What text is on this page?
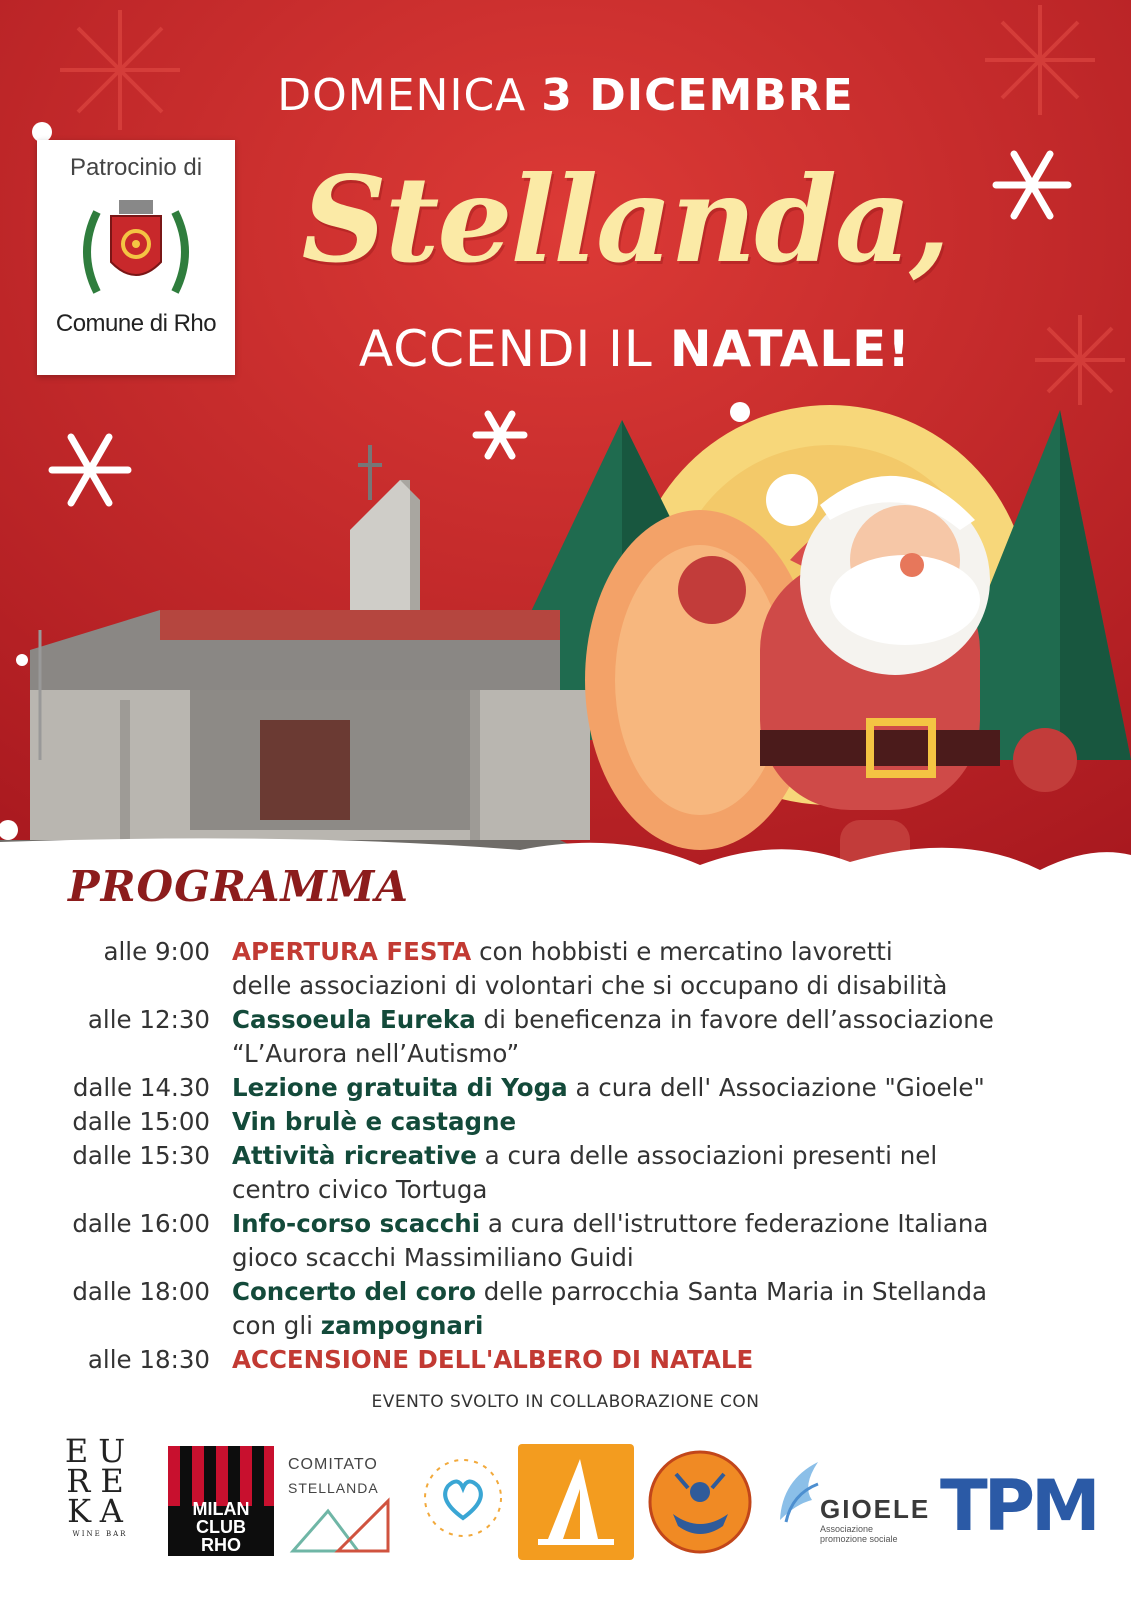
DOMENICA 3 DICEMBRE
Patrocinio di
Comune di Rho
Stellanda,
ACCENDI IL NATALE!
PROGRAMMA
alle 9:00 APERTURA FESTA con hobbisti e mercatino lavoretti
delle associazioni di volontari che si occupano di disabilità
alle 12:30 Cassoeula Eureka di beneficenza in favore dell’associazione
“L’Aurora nell’Autismo”
dalle 14.30 Lezione gratuita di Yoga a cura dell' Associazione "Gioele"
dalle 15:00 Vin brulè e castagne
dalle 15:30 Attività ricreative a cura delle associazioni presenti nel
centro civico Tortuga
dalle 16:00 Info-corso scacchi a cura dell'istruttore federazione Italiana
gioco scacchi Massimiliano Guidi
dalle 18:00 Concerto del coro delle parrocchia Santa Maria in Stellanda
con gli zampognari
alle 18:30 ACCENSIONE DELL'ALBERO DI NATALE
EVENTO SVOLTO IN COLLABORAZIONE CON
EU
RE
KA
WINE BAR
MILAN
CLUB
RHO
COMITATO
STELLANDA
GIOELE
Associazione
promozione sociale TPM
